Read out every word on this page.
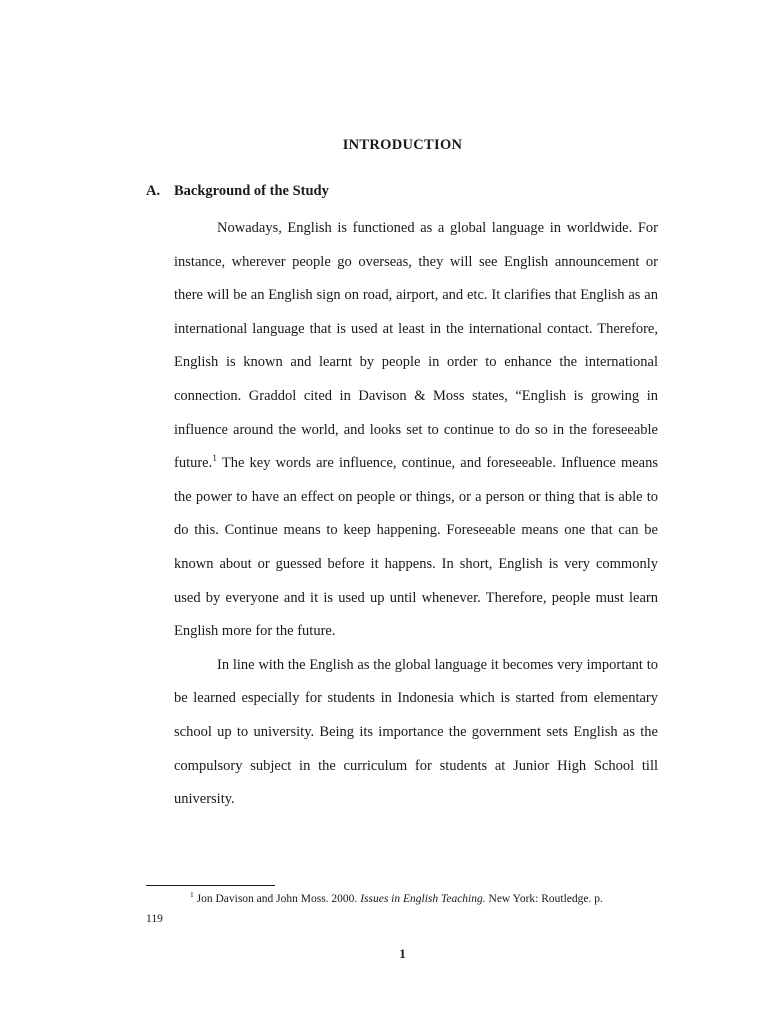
INTRODUCTION
A. Background of the Study

Nowadays, English is functioned as a global language in worldwide. For instance, wherever people go overseas, they will see English announcement or there will be an English sign on road, airport, and etc. It clarifies that English as an international language that is used at least in the international contact. Therefore, English is known and learnt by people in order to enhance the international connection. Graddol cited in Davison & Moss states, “English is growing in influence around the world, and looks set to continue to do so in the foreseeable future.$^1$ The key words are influence, continue, and foreseeable. Influence means the power to have an effect on people or things, or a person or thing that is able to do this. Continue means to keep happening. Foreseeable means one that can be known about or guessed before it happens. In short, English is very commonly used by everyone and it is used up until whenever. Therefore, people must learn English more for the future.

In line with the English as the global language it becomes very important to be learned especially for students in Indonesia which is started from elementary school up to university. Being its importance the government sets English as the compulsory subject in the curriculum for students at Junior High School till university.

$^1$ Jon Davison and John Moss. 2000. Issues in English Teaching. New York: Routledge. p. 119
1
